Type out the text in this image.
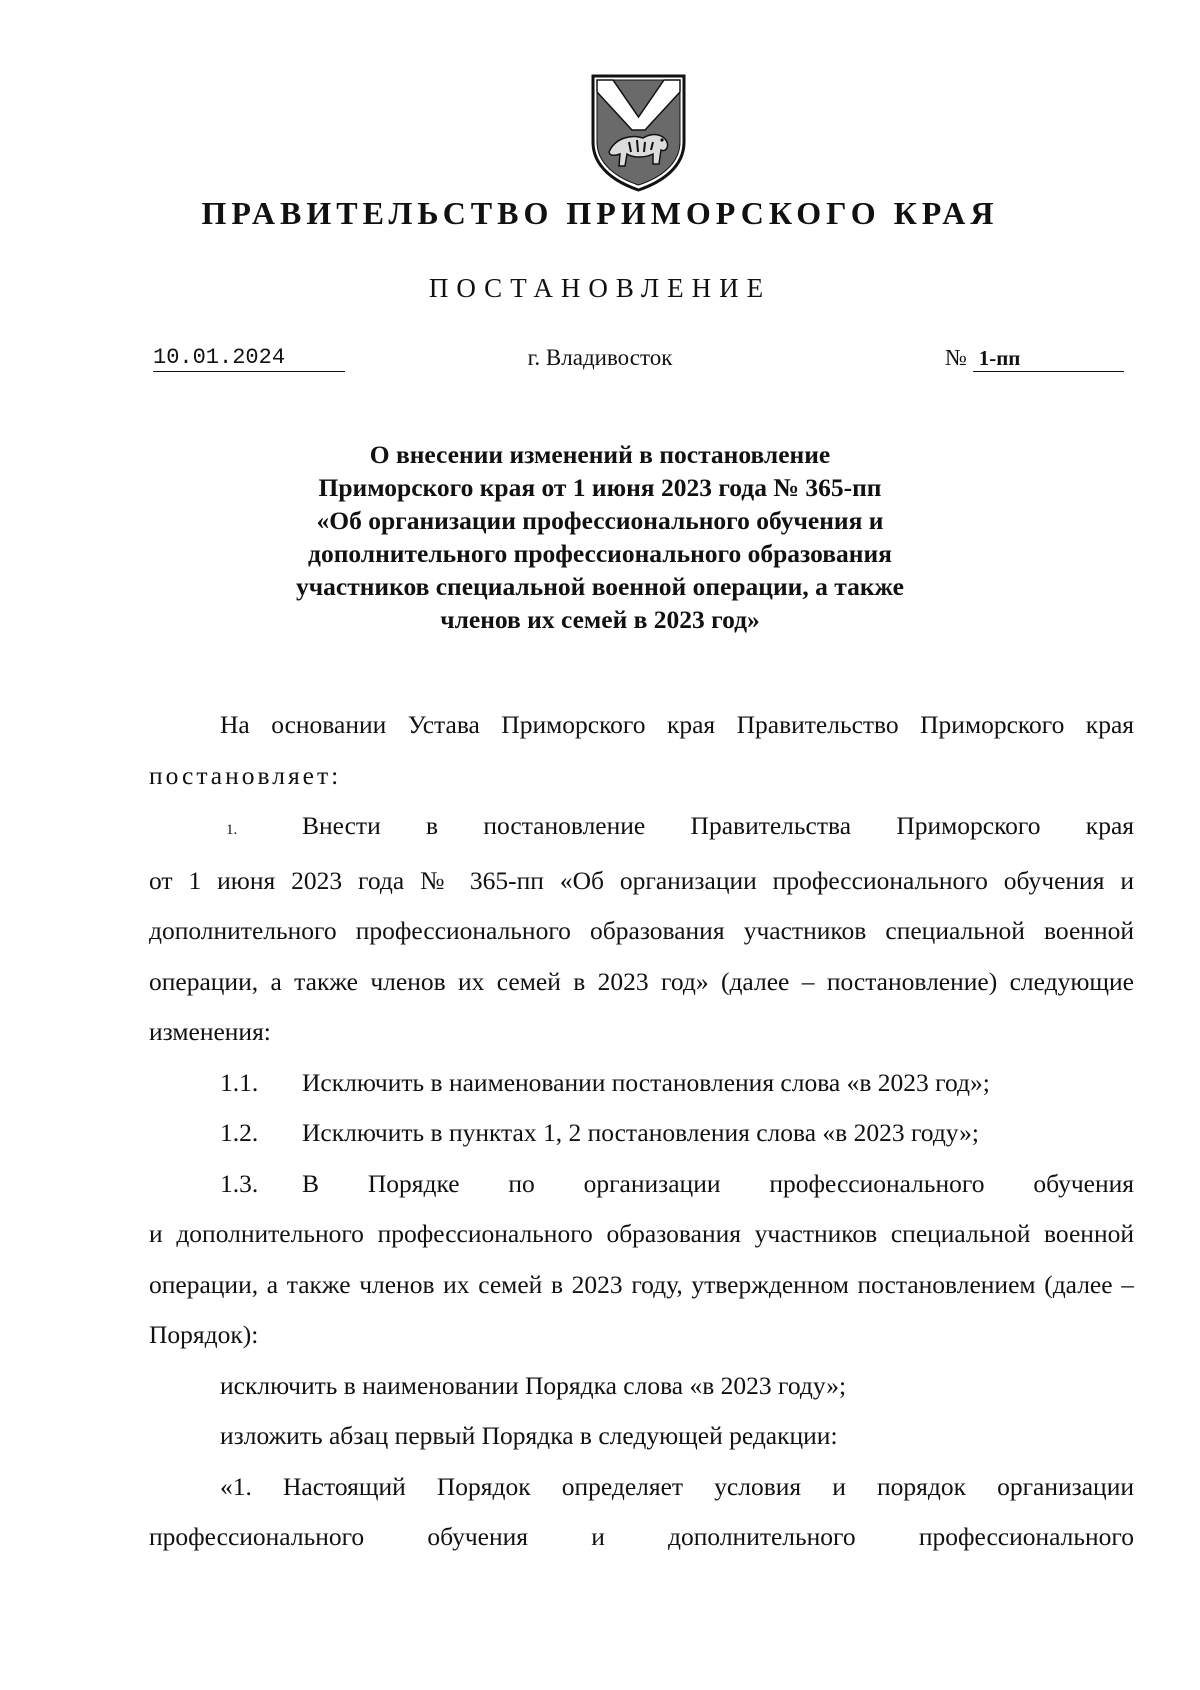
ПРАВИТЕЛЬСТВО ПРИМОРСКОГО КРАЯ
ПОСТАНОВЛЕНИЕ
10.01.2024	г. Владивосток	№ 1-пп
О внесении изменений в постановление
Приморского края от 1 июня 2023 года № 365-пп
«Об организации профессионального обучения и
дополнительного профессионального образования
участников специальной военной операции, а также
членов их семей в 2023 год»

На основании Устава Приморского края Правительство Приморского края постановляет:

1.	Внести в постановление Правительства Приморского края

от 1 июня 2023 года № 365-пп «Об организации профессионального обучения и дополнительного профессионального образования участников специальной военной операции, а также членов их семей в 2023 год» (далее – постановление) следующие изменения:

1.1.	Исключить в наименовании постановления слова «в 2023 год»;
1.2.	Исключить в пунктах 1, 2 постановления слова «в 2023 году»;
1.3.	В Порядке по организации профессионального обучения

и дополнительного профессионального образования участников специальной военной операции, а также членов их семей в 2023 году, утвержденном постановлением (далее – Порядок):

исключить в наименовании Порядка слова «в 2023 году»;

изложить абзац первый Порядка в следующей редакции:

«1. Настоящий Порядок определяет условия и порядок организации

профессионального обучения и дополнительного профессионального
